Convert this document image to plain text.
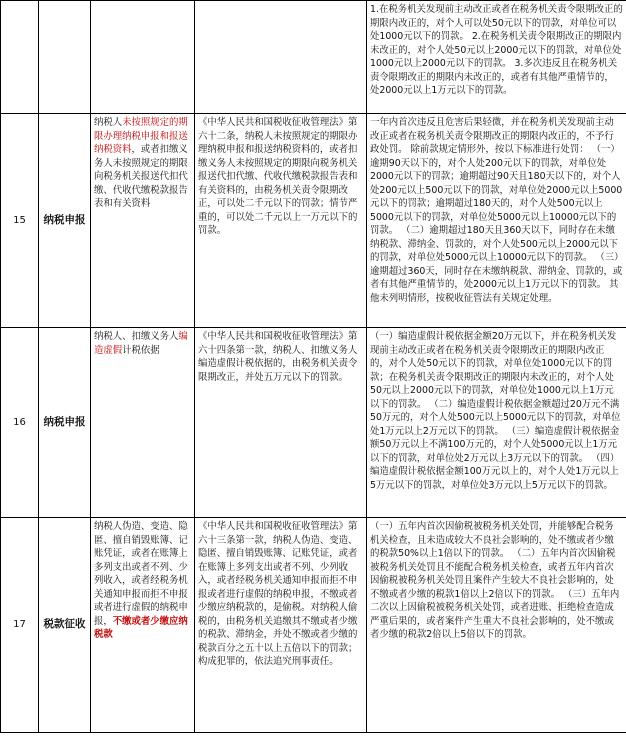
				1.在税务机关发现前主动改正或者在税务机关责令限期改正的期限内改正的，对个人可以处50元以下的罚款，对单位可以处1000元以下的罚款。 2.在税务机关责令限期改正的期限内未改正的，对个人处50元以上2000元以下的罚款，对单位处1000元以上2000元以下的罚款。 3.多次违反且在税务机关责令限期改正的期限内未改正的，或者有其他严重情节的，处2000元以上1万元以下的罚款。
15	纳税申报	纳税人未按照规定的期限办理纳税申报和报送纳税资料，或者扣缴义务人未按照规定的期限向税务机关报送代扣代缴、代收代缴税款报告表和有关资料	《中华人民共和国税收征收管理法》第六十二条，纳税人未按照规定的期限办理纳税申报和报送纳税资料的，或者扣缴义务人未按照规定的期限向税务机关报送代扣代缴、代收代缴税款报告表和有关资料的，由税务机关责令限期改正，可以处二千元以下的罚款；情节严重的，可以处二千元以上一万元以下的罚款。	一年内首次违反且危害后果轻微，并在税务机关发现前主动改正或者在税务机关责令限期改正的期限内改正的，不予行政处罚。 除前款规定情形外，按以下标准进行处罚： （一）逾期90天以下的，对个人处200元以下的罚款，对单位处2000元以下的罚款；逾期超过90天且180天以下的，对个人处200元以上500元以下的罚款，对单位处2000元以上5000元以下的罚款；逾期超过180天的，对个人处500元以上5000元以下的罚款，对单位处5000元以上10000元以下的罚款。 （二）逾期超过180天且360天以下，同时存在未缴纳税款、滞纳金、罚款的，对个人处500元以上2000元以下的罚款，对单位处5000元以上10000元以下的罚款。 （三）逾期超过360天，同时存在未缴纳税款、滞纳金、罚款的，或者有其他严重情节的，处2000元以上1万元以下的罚款。 其他未列明情形，按税收征管法有关规定处理。
16	纳税申报	纳税人、扣缴义务人编造虚假计税依据	《中华人民共和国税收征收管理法》第六十四条第一款，纳税人、扣缴义务人编造虚假计税依据的，由税务机关责令限期改正，并处五万元以下的罚款。	（一）编造虚假计税依据金额20万元以下，并在税务机关发现前主动改正或者在税务机关责令限期改正的期限内改正的，对个人处50元以下的罚款，对单位处1000元以下的罚款；在税务机关责令限期改正的期限内未改正的，对个人处50元以上2000元以下的罚款，对单位处1000元以上1万元以下的罚款。 （二）编造虚假计税依据金额超过20万元不满50万元的，对个人处500元以上5000元以下的罚款，对单位处1万元以上2万元以下的罚款。 （三）编造虚假计税依据金额50万元以上不满100万元的，对个人处5000元以上1万元以下的罚款，对单位处2万元以上3万元以下的罚款。 （四）编造虚假计税依据金额100万元以上的，对个人处1万元以上5万元以下的罚款，对单位处3万元以上5万元以下的罚款。
17	税款征收	纳税人伪造、变造、隐匿、擅自销毁账簿、记账凭证，或者在账簿上多列支出或者不列、少列收入，或者经税务机关通知申报而拒不申报或者进行虚假的纳税申报，不缴或者少缴应纳税款	《中华人民共和国税收征收管理法》第六十三条第一款，纳税人伪造、变造、隐匿、擅自销毁账簿、记账凭证，或者在账簿上多列支出或者不列、少列收入，或者经税务机关通知申报而拒不申报或者进行虚假的纳税申报，不缴或者少缴应纳税款的，是偷税。对纳税人偷税的，由税务机关追缴其不缴或者少缴的税款、滞纳金，并处不缴或者少缴的税款百分之五十以上五倍以下的罚款；构成犯罪的，依法追究刑事责任。	（一）五年内首次因偷税被税务机关处罚，并能够配合税务机关检查，且未造成较大不良社会影响的，处不缴或者少缴的税款50%以上1倍以下的罚款。 （二）五年内首次因偷税被税务机关处罚且不能配合税务机关检查，或者五年内首次因偷税被税务机关处罚且案件产生较大不良社会影响的，处不缴或者少缴的税款1倍以上2倍以下的罚款。 （三）五年内二次以上因偷税被税务机关处罚，或者进账、拒绝检查造成严重后果的，或者案件产生重大不良社会影响的，处不缴或者少缴的税款2倍以上5倍以下的罚款。
